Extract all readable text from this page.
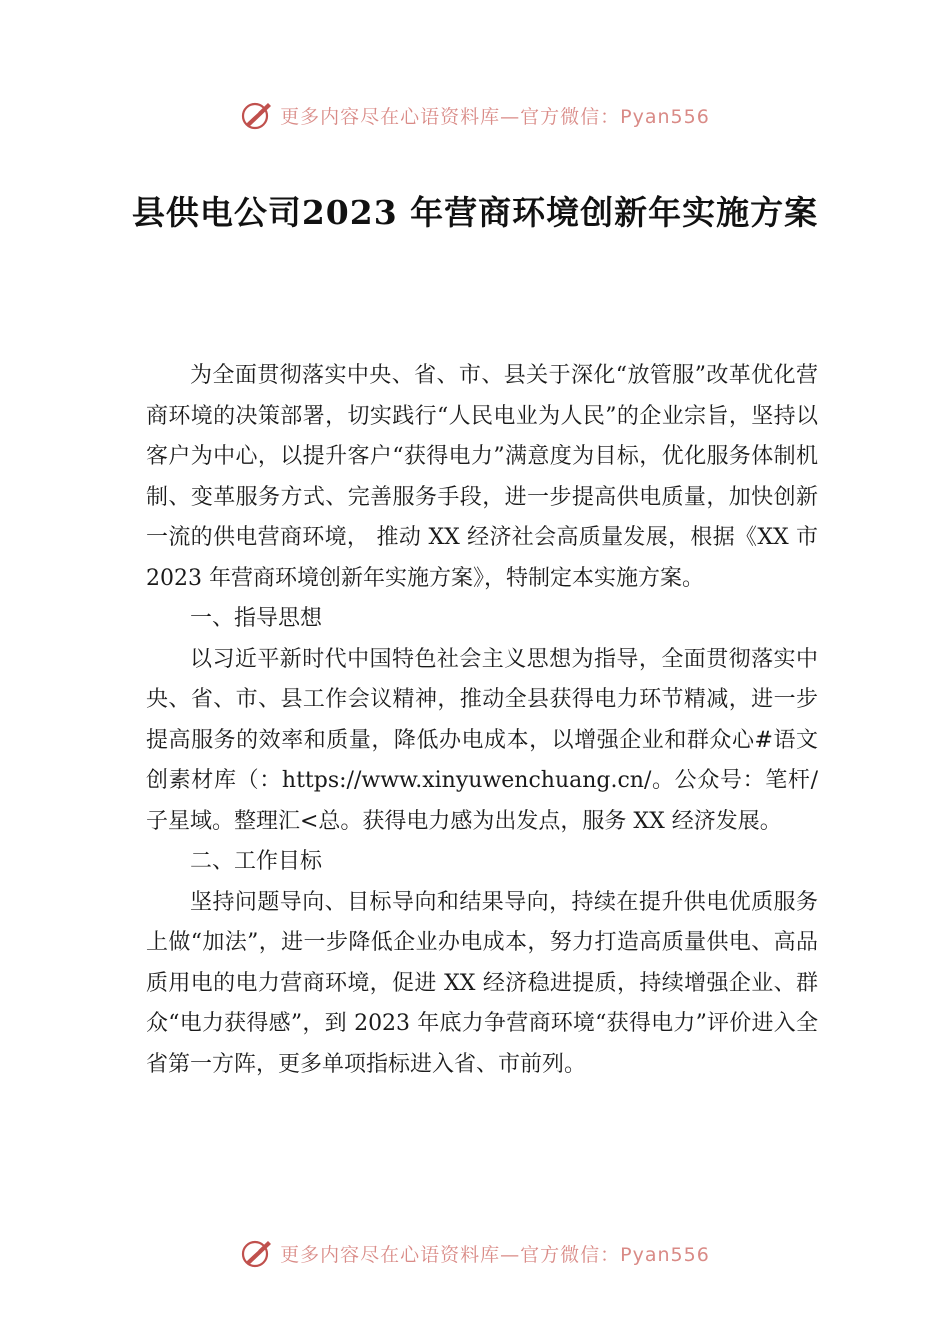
更多内容尽在心语资料库—官方微信：Pyan556
县供电公司2023 年营商环境创新年实施方案

为全面贯彻落实中央、省、市、县关于深化“放管服”改革优化营商环境的决策部署，切实践行“人民电业为人民”的企业宗旨，坚持以客户为中心，以提升客户“获得电力”满意度为目标，优化服务体制机制、变革服务方式、完善服务手段，进一步提高供电质量，加快创新一流的供电营商环境， 推动 XX 经济社会高质量发展，根据《XX 市 2023 年营商环境创新年实施方案》，特制定本实施方案。

一、指导思想

以习近平新时代中国特色社会主义思想为指导，全面贯彻落实中央、省、市、县工作会议精神，推动全县获得电力环节精减，进一步提高服务的效率和质量，降低办电成本，以增强企业和群众心#语文创素材库（：https://www.xinyuwenchuang.cn/。公众号：笔杆/子星域。整理汇<总。获得电力感为出发点，服务 XX 经济发展。

二、工作目标

坚持问题导向、目标导向和结果导向，持续在提升供电优质服务上做“加法”，进一步降低企业办电成本，努力打造高质量供电、高品质用电的电力营商环境，促进 XX 经济稳进提质，持续增强企业、群众“电力获得感”，到 2023 年底力争营商环境“获得电力”评价进入全省第一方阵，更多单项指标进入省、市前列。

更多内容尽在心语资料库—官方微信：Pyan556
